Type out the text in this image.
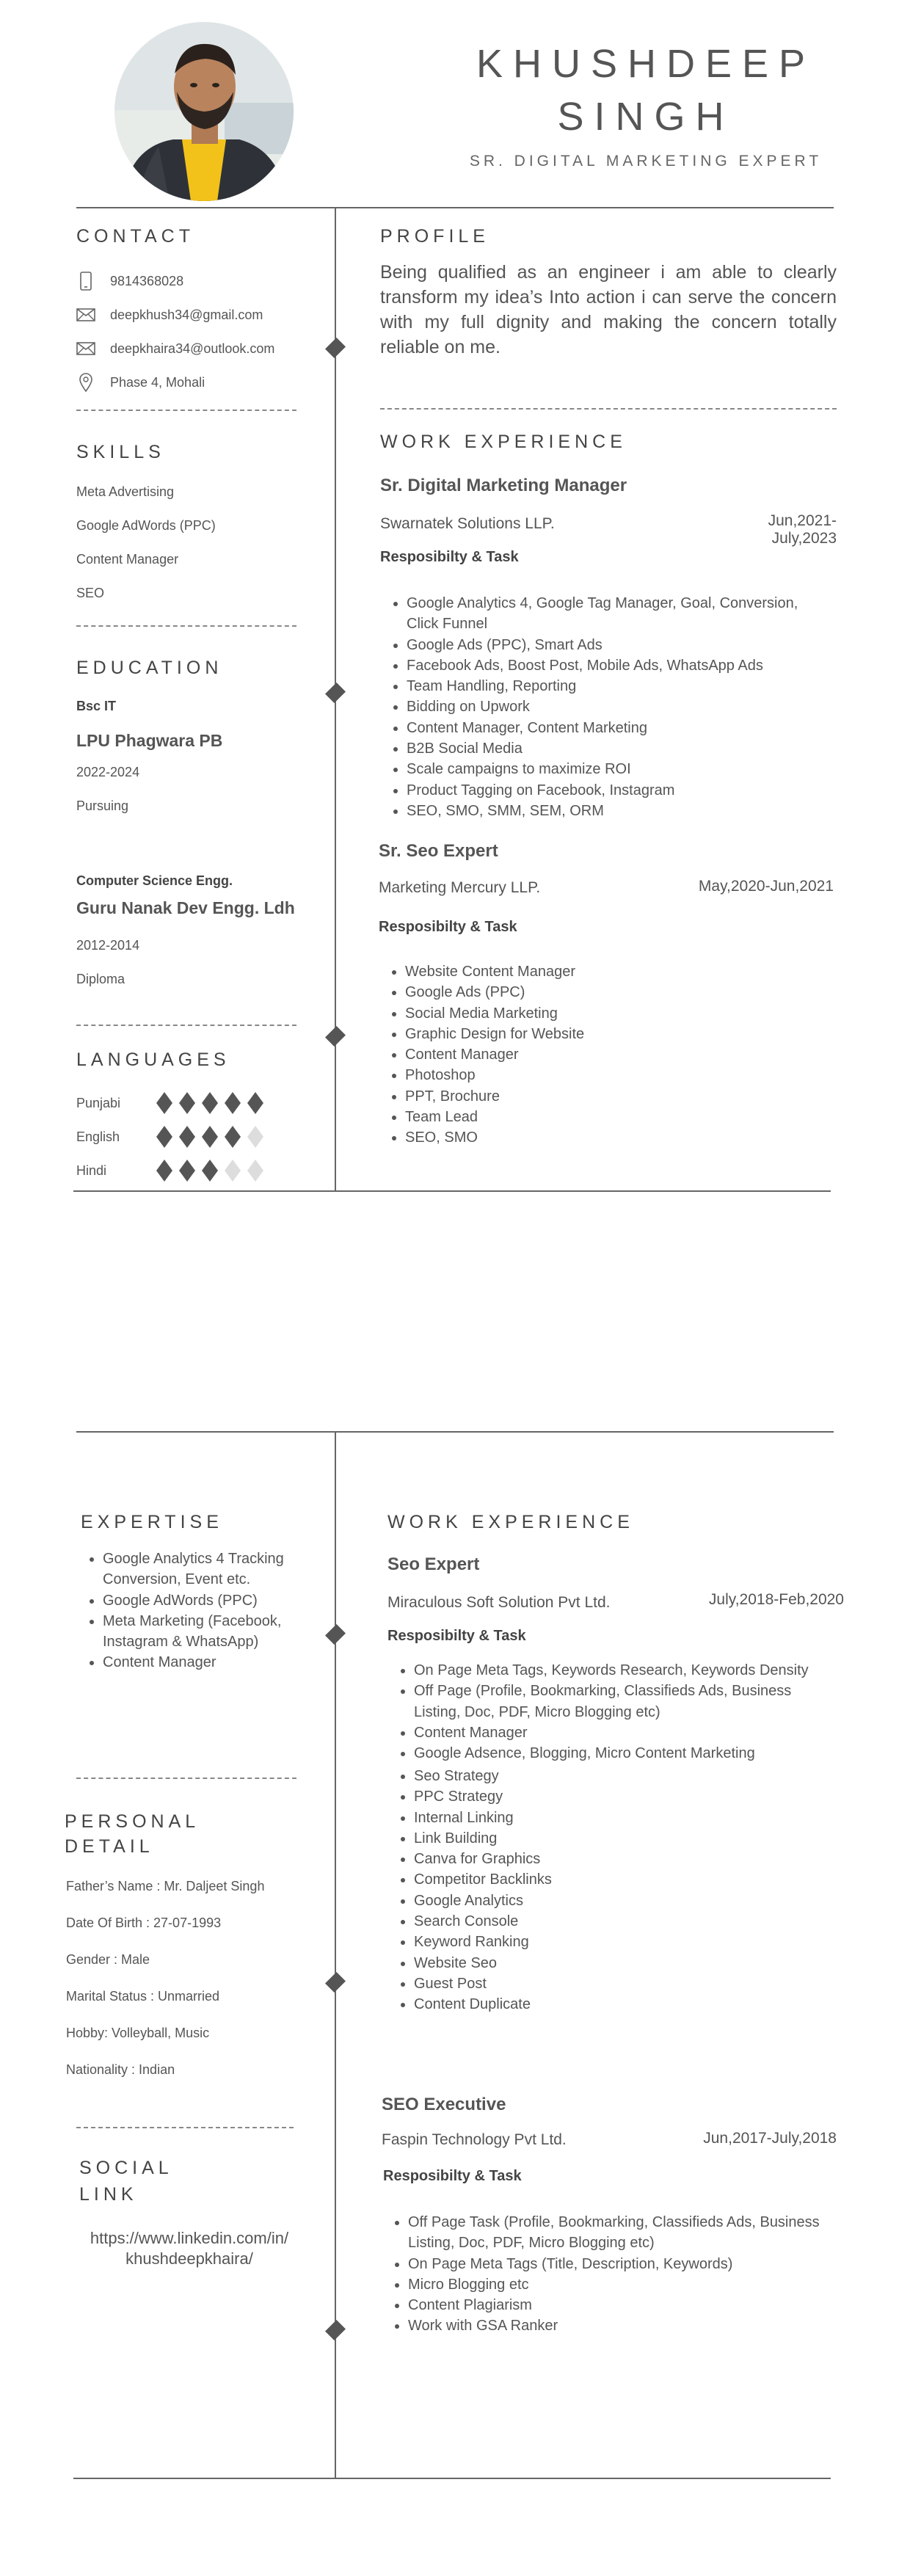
KHUSHDEEP
SINGH
SR. DIGITAL MARKETING EXPERT
CONTACT
9814368028
deepkhush34@gmail.com
deepkhaira34@outlook.com
Phase 4, Mohali
SKILLS
Meta Advertising
Google AdWords (PPC)
Content Manager
SEO
EDUCATION
Bsc IT
LPU Phagwara PB
2022-2024
Pursuing
Computer Science Engg.
Guru Nanak Dev Engg. Ldh
2012-2014
Diploma
LANGUAGES
Punjabi
English
Hindi
PROFILE
Being qualified as an engineer i am able to clearly transform my idea’s Into action i can serve the concern with my full dignity and making the concern totally reliable on me.
WORK EXPERIENCE
Sr. Digital Marketing Manager
Swarnatek Solutions LLP.	Jun,2021-July,2023
Resposibilty & Task
• Google Analytics 4, Google Tag Manager, Goal, Conversion, Click Funnel
• Google Ads (PPC), Smart Ads
• Facebook Ads, Boost Post, Mobile Ads, WhatsApp Ads
• Team Handling, Reporting
• Bidding on Upwork
• Content Manager, Content Marketing
• B2B Social Media
• Scale campaigns to maximize ROI
• Product Tagging on Facebook, Instagram
• SEO, SMO, SMM, SEM, ORM
Sr. Seo Expert
Marketing Mercury LLP.	May,2020-Jun,2021
Resposibilty & Task
• Website Content Manager
• Google Ads (PPC)
• Social Media Marketing
• Graphic Design for Website
• Content Manager
• Photoshop
• PPT, Brochure
• Team Lead
• SEO, SMO
EXPERTISE
• Google Analytics 4 Tracking Conversion, Event etc.
• Google AdWords (PPC)
• Meta Marketing (Facebook, Instagram & WhatsApp)
• Content Manager
PERSONAL
DETAIL
Father’s Name : Mr. Daljeet Singh
Date Of Birth : 27-07-1993
Gender : Male
Marital Status : Unmarried
Hobby: Volleyball, Music
Nationality : Indian
SOCIAL
LINK
https://www.linkedin.com/in/
khushdeepkhaira/
WORK EXPERIENCE
Seo Expert
Miraculous Soft Solution Pvt Ltd.	July,2018-Feb,2020
Resposibilty & Task
• On Page Meta Tags, Keywords Research, Keywords Density
• Off Page (Profile, Bookmarking, Classifieds Ads, Business Listing, Doc, PDF, Micro Blogging etc)
• Content Manager
• Google Adsence, Blogging, Micro Content Marketing
• Seo Strategy
• PPC Strategy
• Internal Linking
• Link Building
• Canva for Graphics
• Competitor Backlinks
• Google Analytics
• Search Console
• Keyword Ranking
• Website Seo
• Guest Post
• Content Duplicate
SEO Executive
Faspin Technology Pvt Ltd.	Jun,2017-July,2018
Resposibilty & Task
• Off Page Task (Profile, Bookmarking, Classifieds Ads, Business Listing, Doc, PDF, Micro Blogging etc)
• On Page Meta Tags (Title, Description, Keywords)
• Micro Blogging etc
• Content Plagiarism
• Work with GSA Ranker
